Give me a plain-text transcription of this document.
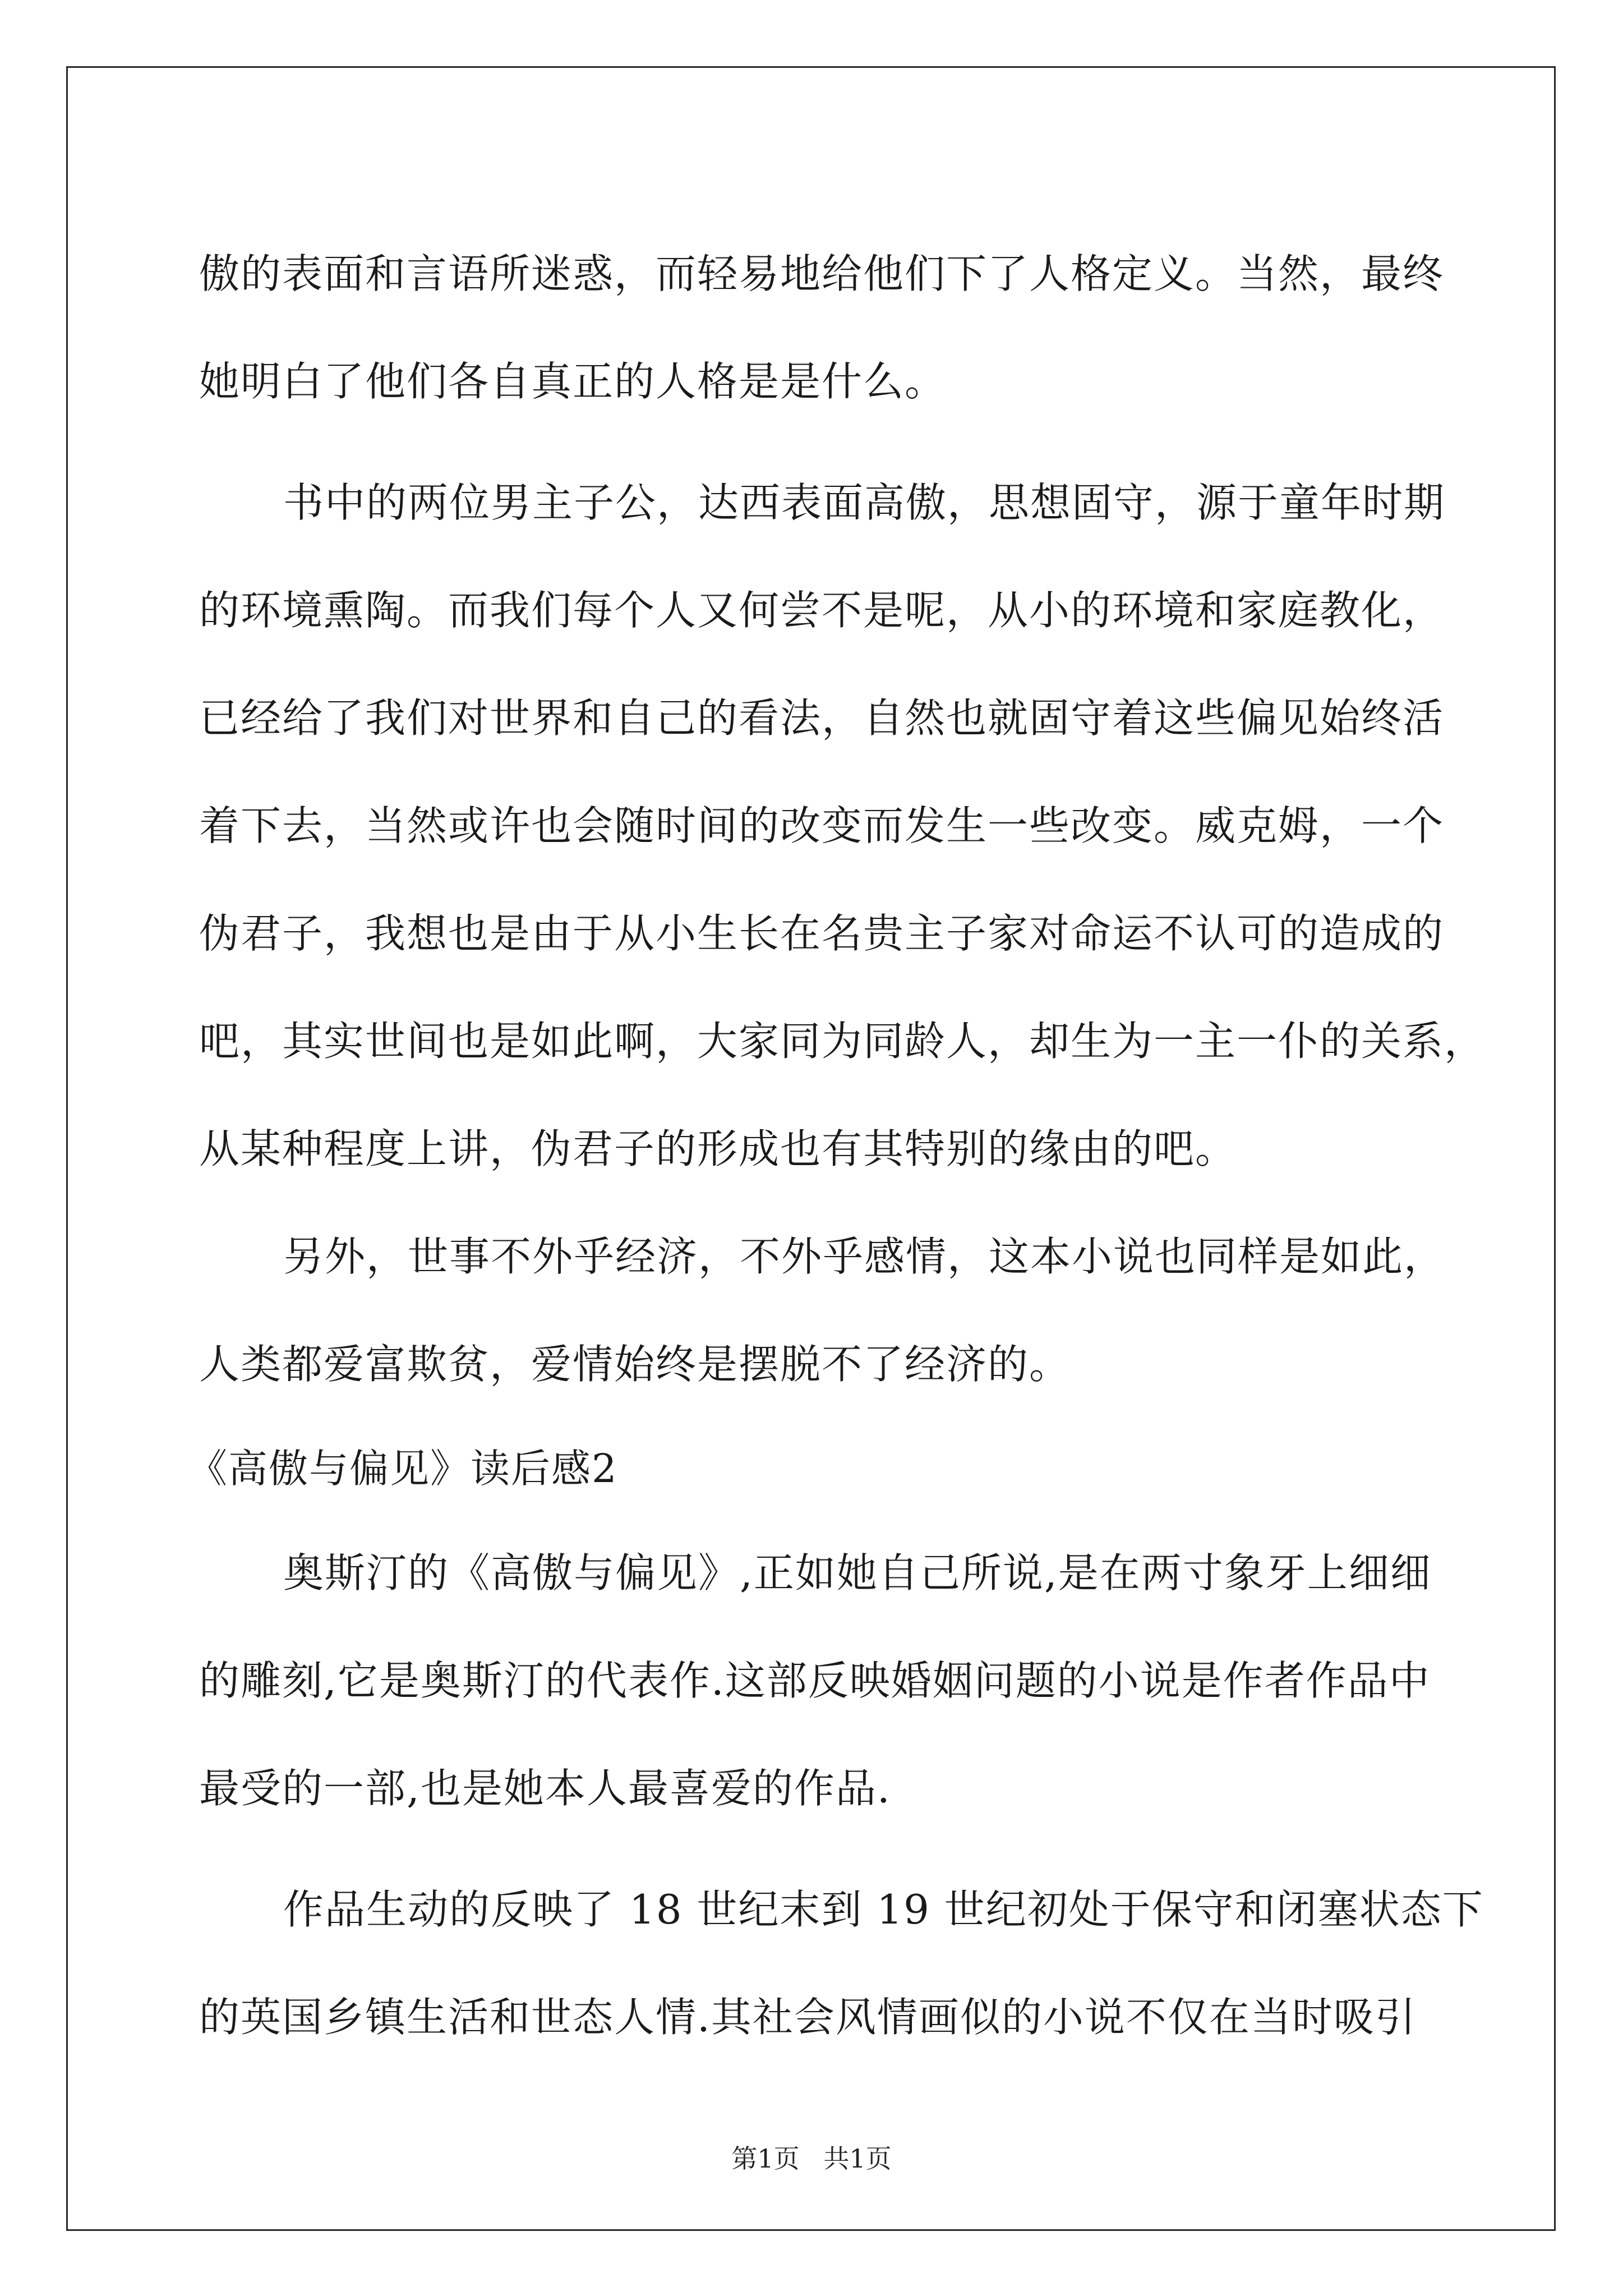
傲的表面和言语所迷惑，而轻易地给他们下了人格定义。当然，最终
她明白了他们各自真正的人格是是什么。
书中的两位男主子公，达西表面高傲，思想固守，源于童年时期
的环境熏陶。而我们每个人又何尝不是呢，从小的环境和家庭教化，
已经给了我们对世界和自己的看法，自然也就固守着这些偏见始终活
着下去，当然或许也会随时间的改变而发生一些改变。威克姆，一个
伪君子，我想也是由于从小生长在名贵主子家对命运不认可的造成的
吧，其实世间也是如此啊，大家同为同龄人，却生为一主一仆的关系，
从某种程度上讲，伪君子的形成也有其特别的缘由的吧。
另外，世事不外乎经济，不外乎感情，这本小说也同样是如此，
人类都爱富欺贫，爱情始终是摆脱不了经济的。
《高傲与偏见》读后感2
奥斯汀的《高傲与偏见》,正如她自己所说,是在两寸象牙上细细
的雕刻,它是奥斯汀的代表作.这部反映婚姻问题的小说是作者作品中
最受的一部,也是她本人最喜爱的作品.
作品生动的反映了 18 世纪末到 19 世纪初处于保守和闭塞状态下
的英国乡镇生活和世态人情.其社会风情画似的小说不仅在当时吸引
第1页 共1页
